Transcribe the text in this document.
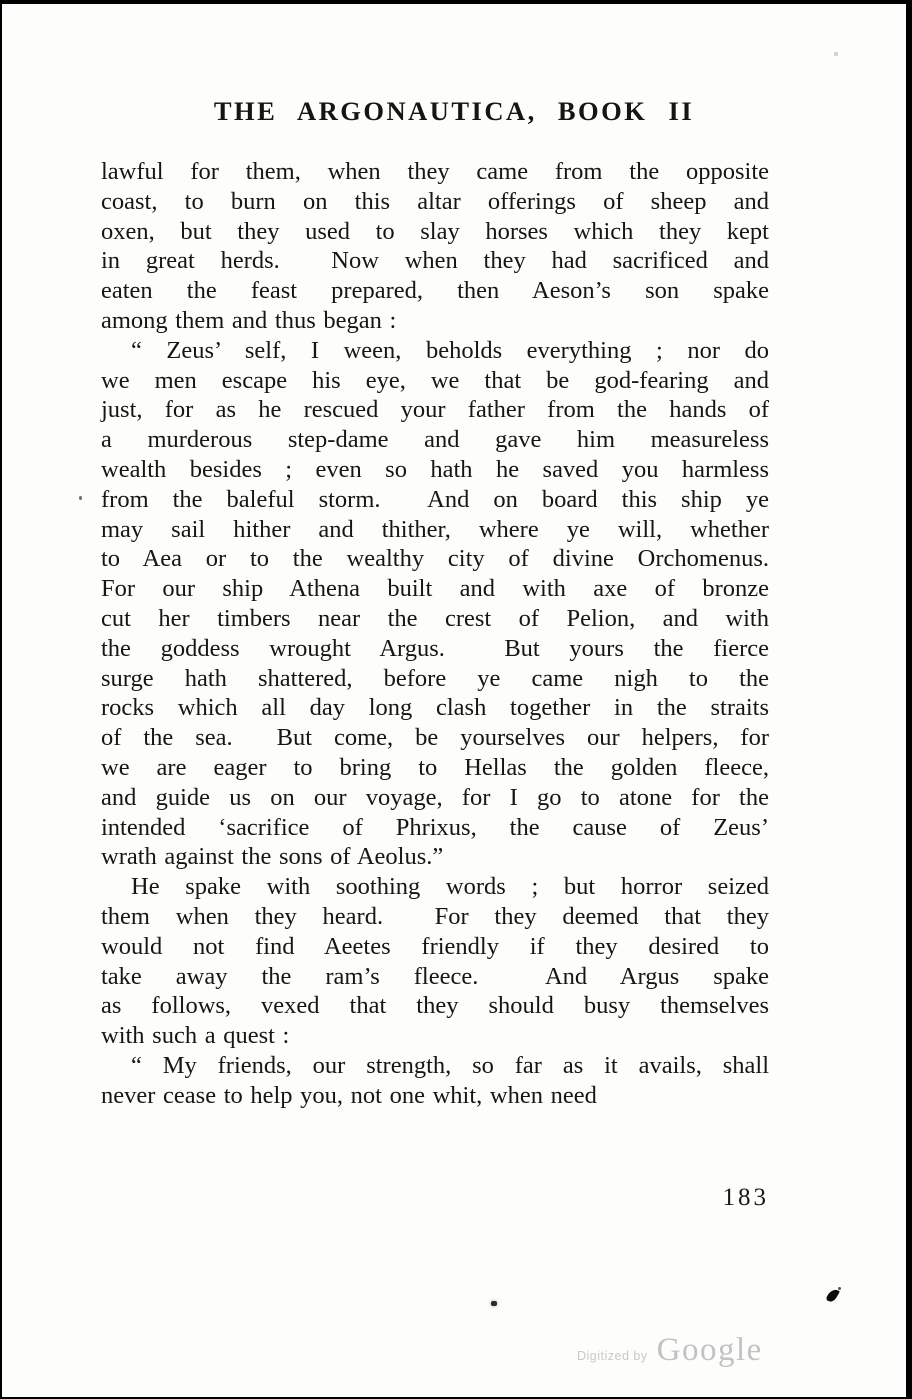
THE ARGONAUTICA, BOOK II
lawful for them, when they came from the opposite
coast, to burn on this altar offerings of sheep and
oxen, but they used to slay horses which they kept
in great herds.  Now when they had sacrificed and
eaten the feast prepared, then Aeson’s son spake
among them and thus began :
“ Zeus’ self, I ween, beholds everything ; nor do
we men escape his eye, we that be god-fearing and
just, for as he rescued your father from the hands of
a murderous step-dame and gave him measureless
wealth besides ; even so hath he saved you harmless
from the baleful storm.  And on board this ship ye
may sail hither and thither, where ye will, whether
to Aea or to the wealthy city of divine Orchomenus.
For our ship Athena built and with axe of bronze
cut her timbers near the crest of Pelion, and with
the goddess wrought Argus.  But yours the fierce
surge hath shattered, before ye came nigh to the
rocks which all day long clash together in the straits
of the sea.  But come, be yourselves our helpers, for
we are eager to bring to Hellas the golden fleece,
and guide us on our voyage, for I go to atone for the
intended ‘sacrifice of Phrixus, the cause of Zeus’
wrath against the sons of Aeolus.”
He spake with soothing words ; but horror seized
them when they heard.  For they deemed that they
would not find Aeetes friendly if they desired to
take away the ram’s fleece.  And Argus spake
as follows, vexed that they should busy themselves
with such a quest :
“ My friends, our strength, so far as it avails, shall
never cease to help you, not one whit, when need
183
Digitized by Google
